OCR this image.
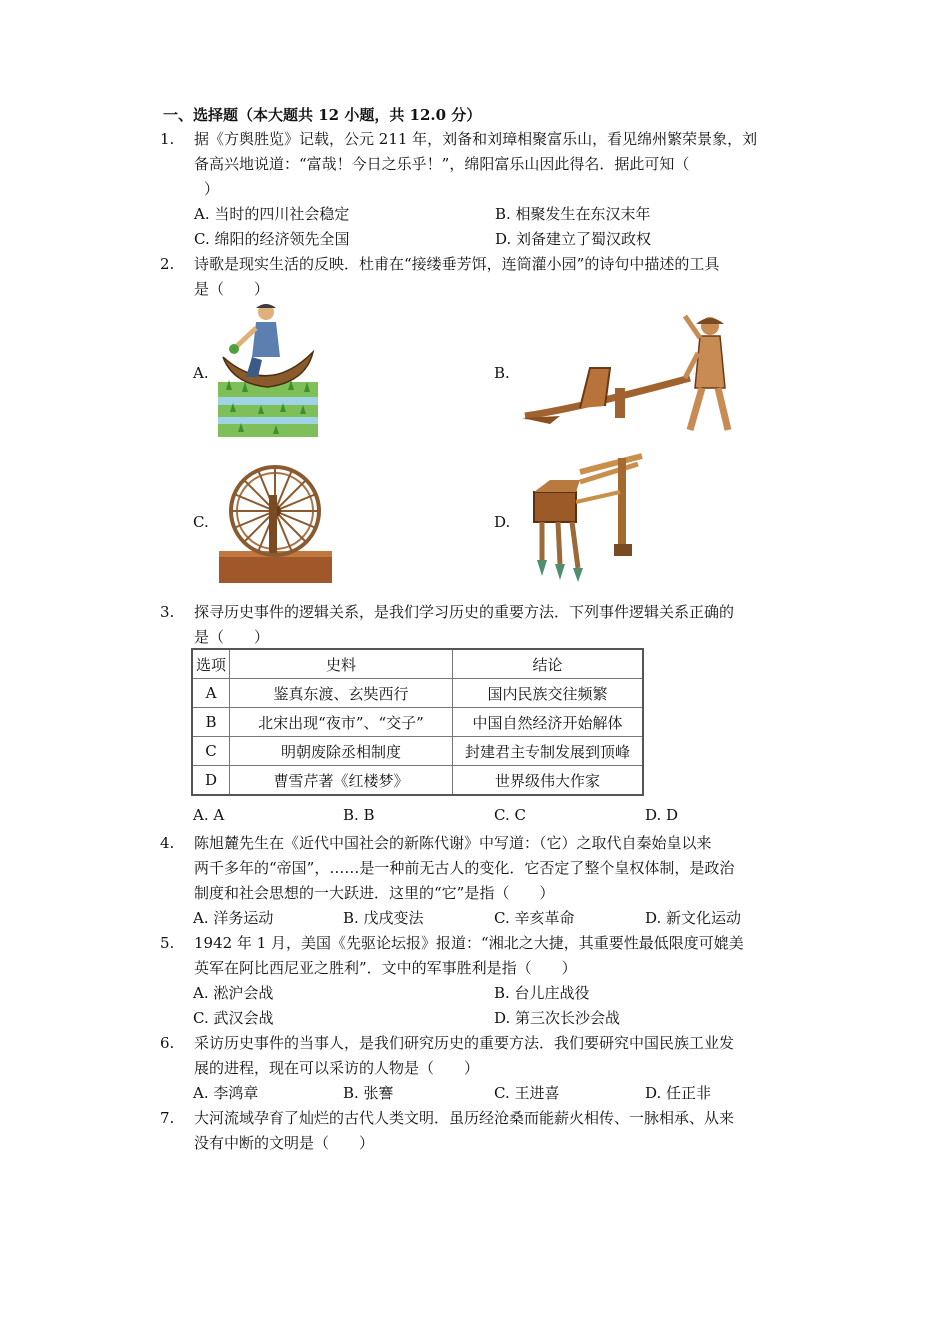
一、选择题（本大题共 12 小题，共 12.0 分）
1.	据《方舆胜览》记载，公元 211 年，刘备和刘璋相聚富乐山，看见绵州繁荣景象，刘
备高兴地说道：“富哉！今日之乐乎！”，绵阳富乐山因此得名．据此可知（
）
A. 当时的四川社会稳定	B. 相聚发生在东汉末年
C. 绵阳的经济领先全国	D. 刘备建立了蜀汉政权
2.	诗歌是现实生活的反映．杜甫在“接缕垂芳饵，连筒灌小园”的诗句中描述的工具
是（　　）
A.	B.
C.	D.
3.	探寻历史事件的逻辑关系，是我们学习历史的重要方法．下列事件逻辑关系正确的
是（　　）
选项	史料	结论
A	鉴真东渡、玄奘西行	国内民族交往频繁
B	北宋出现“夜市”、“交子”	中国自然经济开始解体
C	明朝废除丞相制度	封建君主专制发展到顶峰
D	曹雪芹著《红楼梦》	世界级伟大作家
A. A	B. B	C. C	D. D
4.	陈旭麓先生在《近代中国社会的新陈代谢》中写道：（它）之取代自秦始皇以来
两千多年的“帝国”，……是一种前无古人的变化．它否定了整个皇权体制，是政治
制度和社会思想的一大跃进．这里的“它”是指（　　）
A. 洋务运动	B. 戊戌变法	C. 辛亥革命	D. 新文化运动
5.	1942 年 1 月，美国《先驱论坛报》报道：“湘北之大捷，其重要性最低限度可媲美
英军在阿比西尼亚之胜利”．文中的军事胜利是指（　　）
A. 淞沪会战	B. 台儿庄战役
C. 武汉会战	D. 第三次长沙会战
6.	采访历史事件的当事人，是我们研究历史的重要方法．我们要研究中国民族工业发
展的进程，现在可以采访的人物是（　　）
A. 李鸿章	B. 张謇	C. 王进喜	D. 任正非
7.	大河流域孕育了灿烂的古代人类文明．虽历经沧桑而能薪火相传、一脉相承、从来
没有中断的文明是（　　）
